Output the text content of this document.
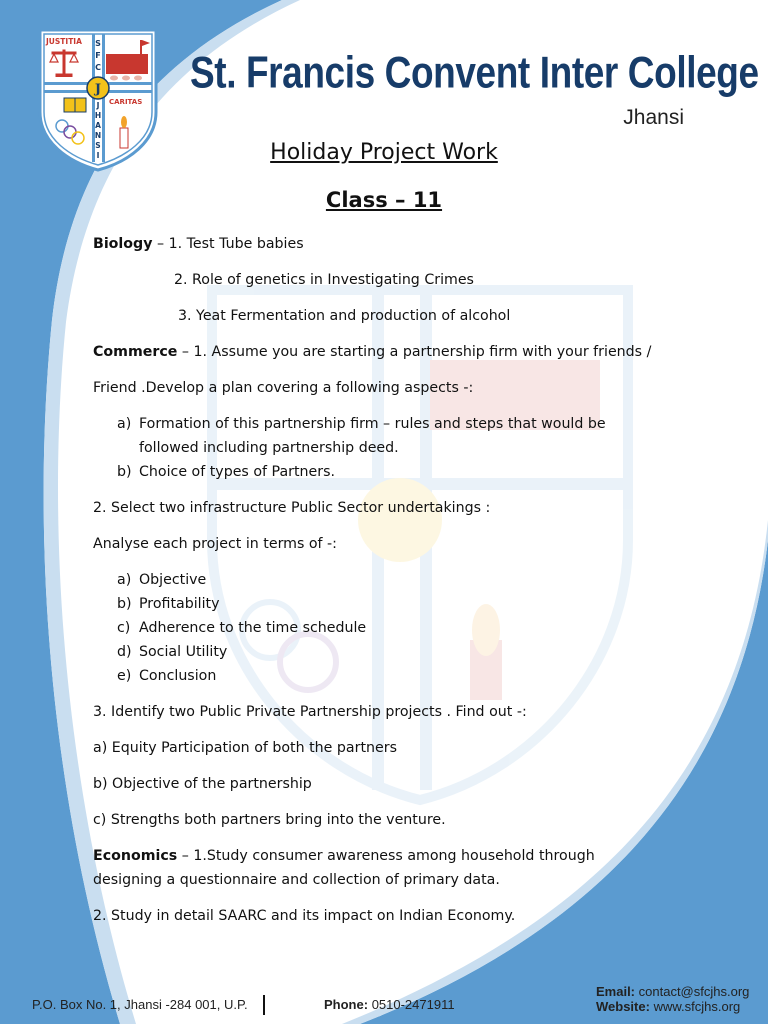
JUSTITIA S
F
C
J
CARITAS
J
H
A
N
S
I
St. Francis Convent Inter College
Jhansi
Holiday Project Work
Class – 11
Biology – 1. Test Tube babies
2. Role of genetics in Investigating Crimes
3. Yeat Fermentation and production of alcohol
Commerce – 1. Assume you are starting a partnership firm with your friends /
Friend .Develop a plan covering a following aspects -:
a) Formation of this partnership firm – rules and steps that would be
followed including partnership deed.
b) Choice of types of Partners.
2. Select two infrastructure Public Sector undertakings :
Analyse each project in terms of -:
a) Objective
b) Profitability
c) Adherence to the time schedule
d) Social Utility
e) Conclusion
3. Identify two Public Private Partnership projects . Find out -:
a) Equity Participation of both the partners
b) Objective of the partnership
c) Strengths both partners bring into the venture.
Economics – 1.Study consumer awareness among household through
designing a questionnaire and collection of primary data.
2. Study in detail SAARC and its impact on Indian Economy.
P.O. Box No. 1, Jhansi -284 001, U.P.	Phone: 0510-2471911
Email: contact@sfcjhs.org
Website: www.sfcjhs.org
